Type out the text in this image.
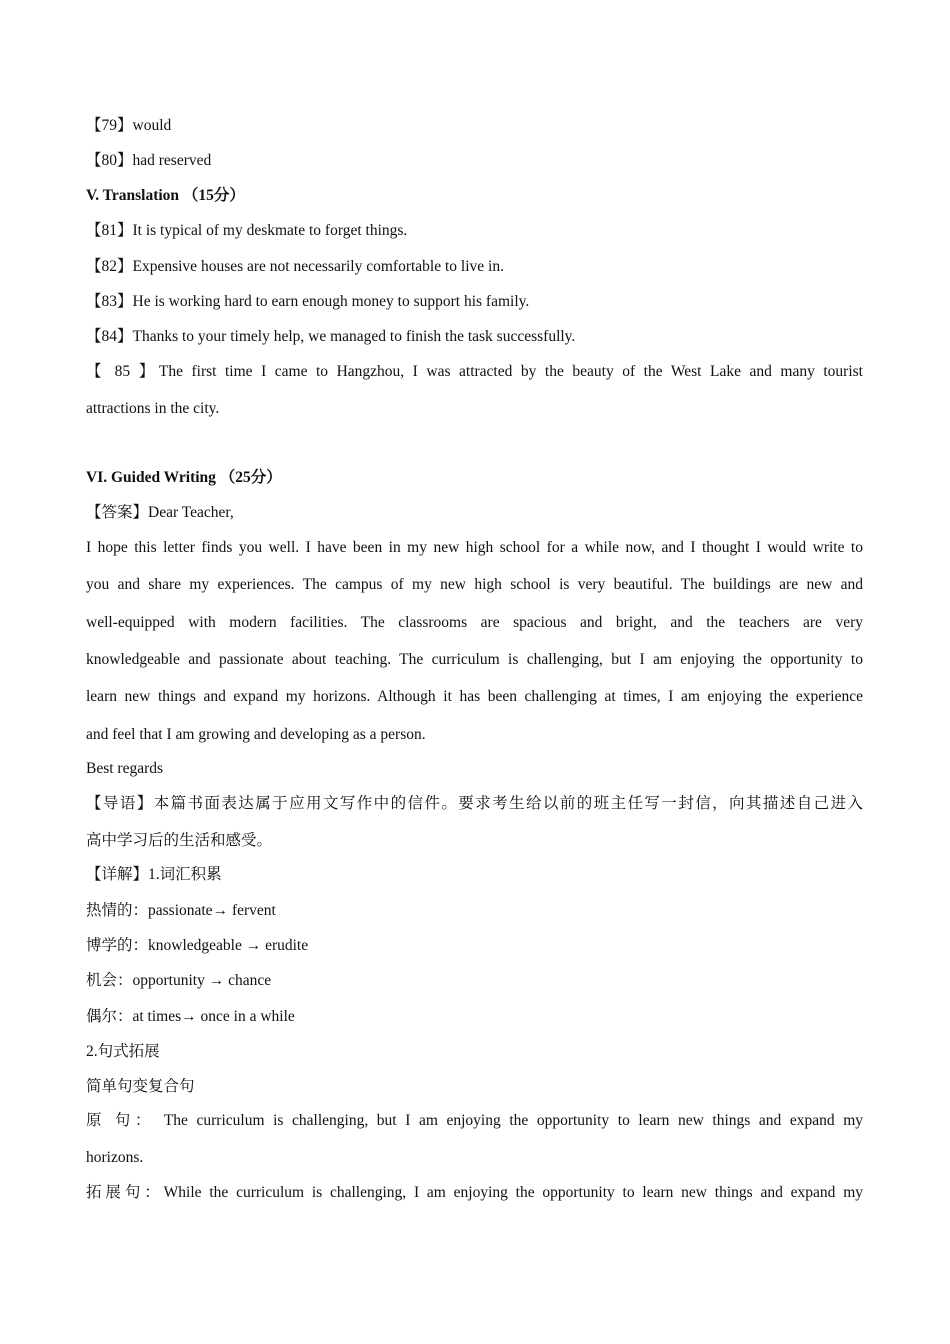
【79】would
【80】had reserved
V. Translation （15分）
【81】It is typical of my deskmate to forget things.
【82】Expensive houses are not necessarily comfortable to live in.
【83】He is working hard to earn enough money to support his family.
【84】Thanks to your timely help, we managed to finish the task successfully.
【 85 】The first time I came to Hangzhou, I was attracted by the beauty of the West Lake and many tourist
attractions in the city.
VI. Guided Writing （25分）
【答案】Dear Teacher,
I hope this letter finds you well. I have been in my new high school for a while now, and I thought I would write to
you and share my experiences. The campus of my new high school is very beautiful. The buildings are new and
well-equipped with modern facilities. The classrooms are spacious and bright, and the teachers are very
knowledgeable and passionate about teaching. The curriculum is challenging, but I am enjoying the opportunity to
learn new things and expand my horizons. Although it has been challenging at times, I am enjoying the experience
and feel that I am growing and developing as a person.
Best regards
【导语】本篇书面表达属于应用文写作中的信件。要求考生给以前的班主任写一封信，向其描述自己进入
高中学习后的生活和感受。
【详解】1.词汇积累
热情的：passionate→ fervent
博学的：knowledgeable → erudite
机会：opportunity → chance
偶尔：at times→ once in a while
2.句式拓展
简单句变复合句
原 句： The curriculum is challenging, but I am enjoying the opportunity to learn new things and expand my
horizons.
拓展句：While the curriculum is challenging, I am enjoying the opportunity to learn new things and expand my
